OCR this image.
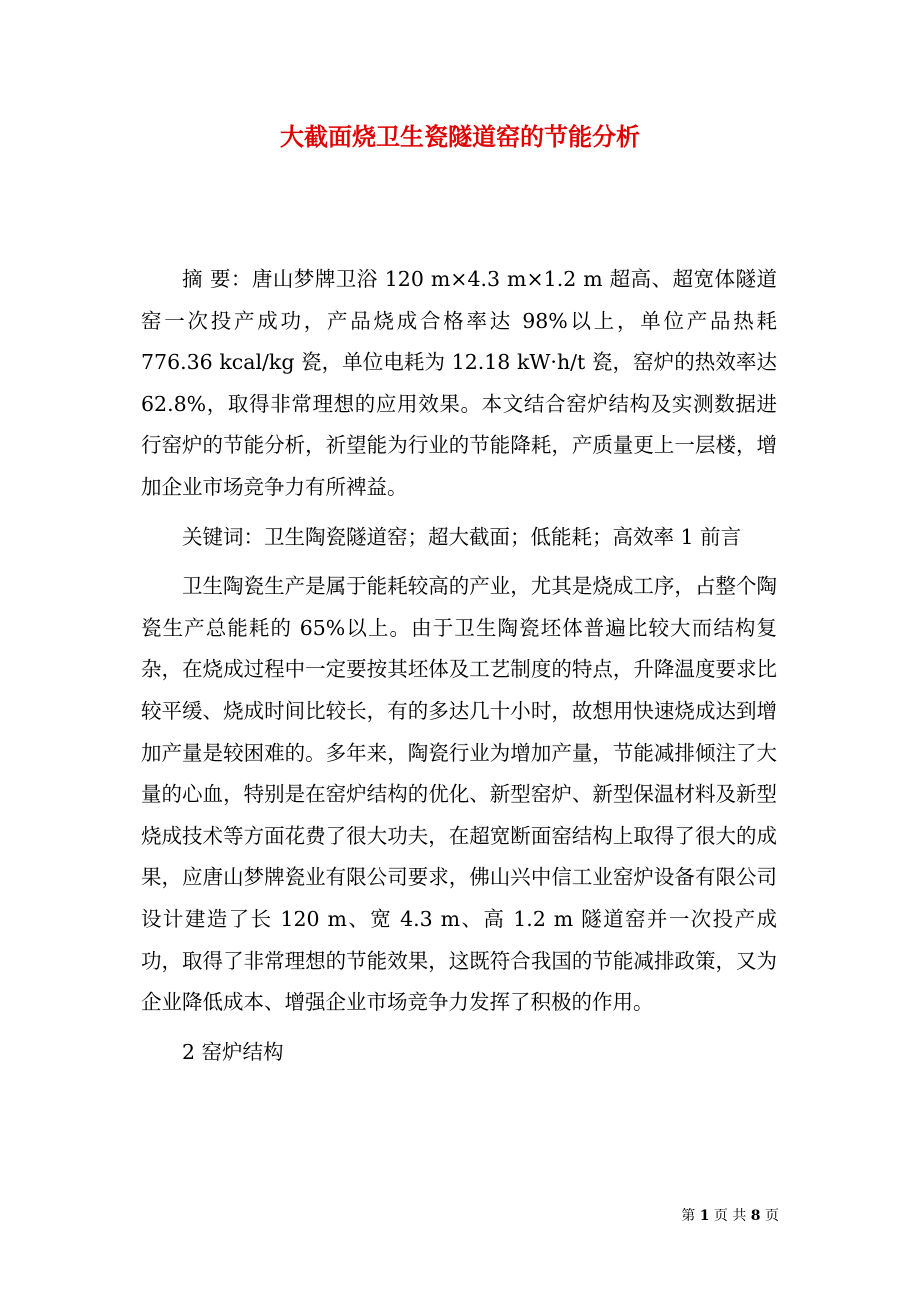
大截面烧卫生瓷隧道窑的节能分析

摘 要：唐山梦牌卫浴 120 m×4.3 m×1.2 m 超高、超宽体隧道窑一次投产成功，产品烧成合格率达 98%以上，单位产品热耗 776.36 kcal/kg 瓷，单位电耗为 12.18 kW·h/t 瓷，窑炉的热效率达 62.8%，取得非常理想的应用效果。本文结合窑炉结构及实测数据进行窑炉的节能分析，祈望能为行业的节能降耗，产质量更上一层楼，增加企业市场竞争力有所裨益。

关键词：卫生陶瓷隧道窑；超大截面；低能耗；高效率 1 前言

卫生陶瓷生产是属于能耗较高的产业，尤其是烧成工序，占整个陶瓷生产总能耗的 65%以上。由于卫生陶瓷坯体普遍比较大而结构复杂，在烧成过程中一定要按其坯体及工艺制度的特点，升降温度要求比较平缓、烧成时间比较长，有的多达几十小时，故想用快速烧成达到增加产量是较困难的。多年来，陶瓷行业为增加产量，节能减排倾注了大量的心血，特别是在窑炉结构的优化、新型窑炉、新型保温材料及新型烧成技术等方面花费了很大功夫，在超宽断面窑结构上取得了很大的成果，应唐山梦牌瓷业有限公司要求，佛山兴中信工业窑炉设备有限公司设计建造了长 120 m、宽 4.3 m、高 1.2 m 隧道窑并一次投产成功，取得了非常理想的节能效果，这既符合我国的节能减排政策，又为企业降低成本、增强企业市场竞争力发挥了积极的作用。

2 窑炉结构

第 1 页 共 8 页
